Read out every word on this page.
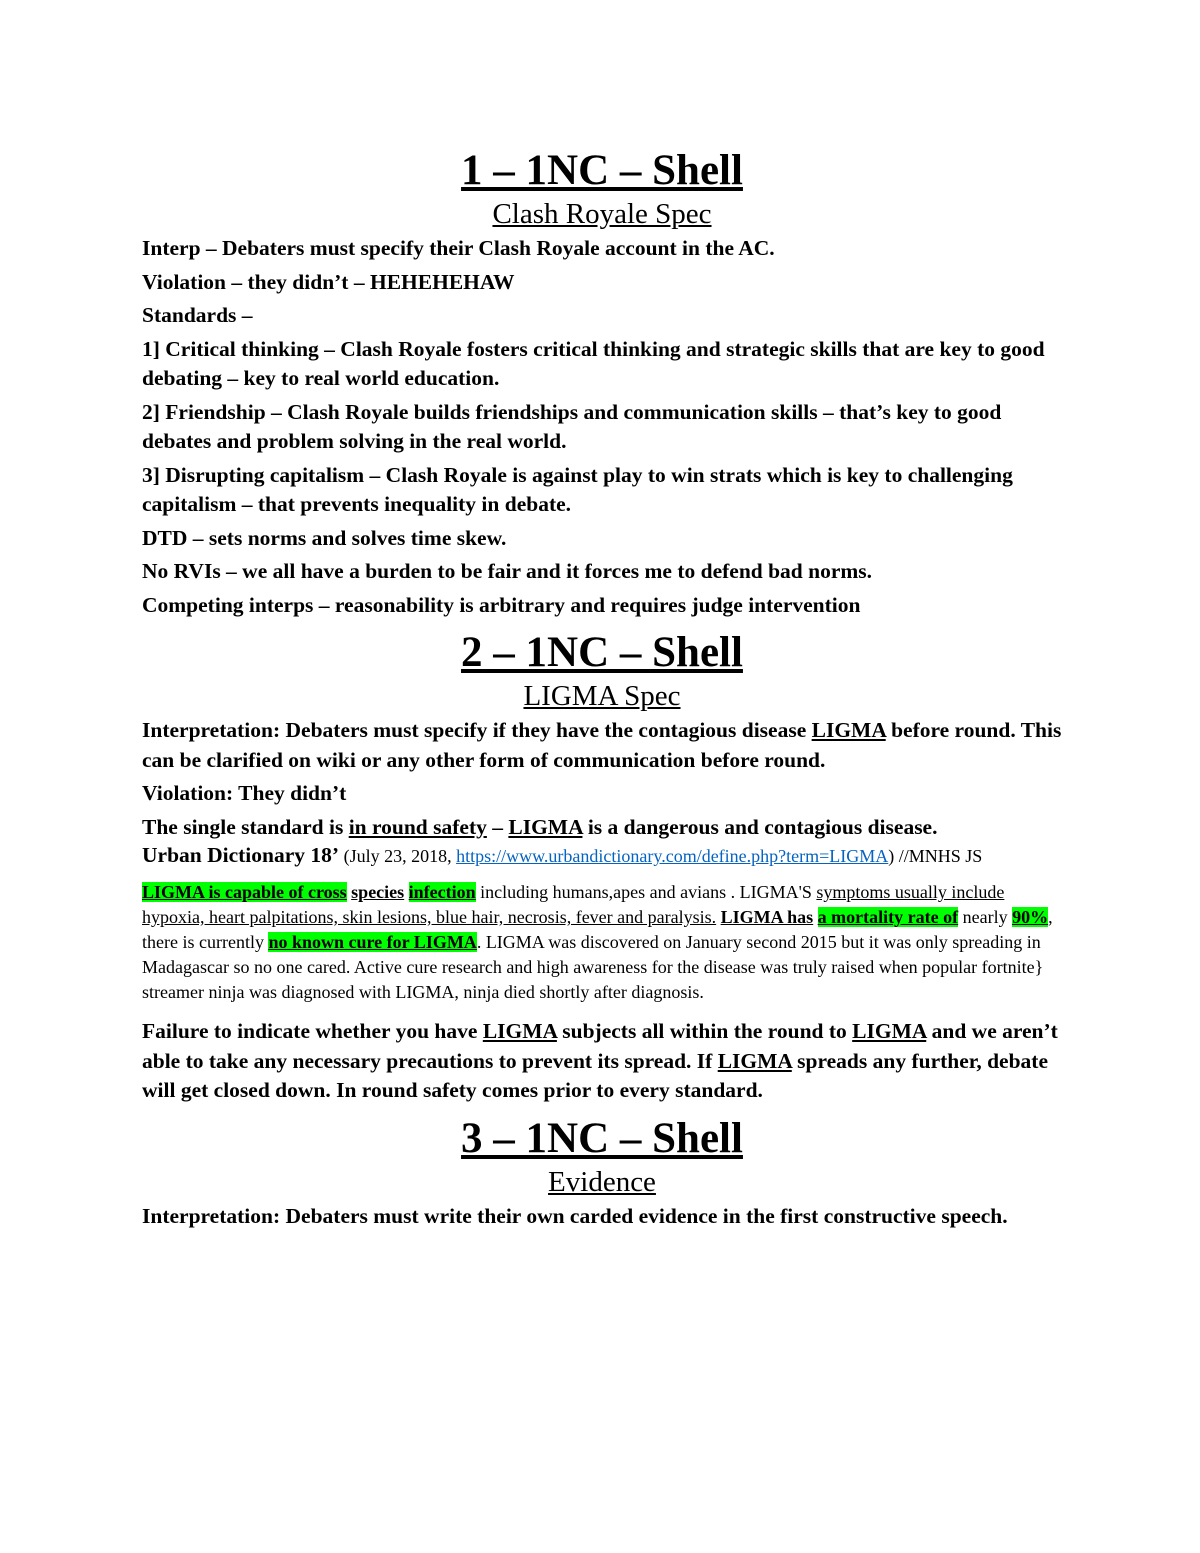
1 – 1NC – Shell

Clash Royale Spec

Interp – Debaters must specify their Clash Royale account in the AC.

Violation – they didn’t – HEHEHEHAW

Standards –

1] Critical thinking – Clash Royale fosters critical thinking and strategic skills that are key to good debating – key to real world education.

2] Friendship – Clash Royale builds friendships and communication skills – that’s key to good debates and problem solving in the real world.

3] Disrupting capitalism – Clash Royale is against play to win strats which is key to challenging capitalism – that prevents inequality in debate.

DTD – sets norms and solves time skew.

No RVIs – we all have a burden to be fair and it forces me to defend bad norms.

Competing interps – reasonability is arbitrary and requires judge intervention

2 – 1NC – Shell

LIGMA Spec

Interpretation: Debaters must specify if they have the contagious disease LIGMA before round. This can be clarified on wiki or any other form of communication before round.

Violation: They didn’t

The single standard is in round safety – LIGMA is a dangerous and contagious disease.

Urban Dictionary 18’ (July 23, 2018, https://www.urbandictionary.com/define.php?term=LIGMA) //MNHS JS

LIGMA is capable of cross species infection including humans,apes and avians . LIGMA'S symptoms usually include hypoxia, heart palpitations, skin lesions, blue hair, necrosis, fever and paralysis. LIGMA has a mortality rate of nearly 90%, there is currently no known cure for LIGMA. LIGMA was discovered on January second 2015 but it was only spreading in Madagascar so no one cared. Active cure research and high awareness for the disease was truly raised when popular fortnite} streamer ninja was diagnosed with LIGMA, ninja died shortly after diagnosis.

Failure to indicate whether you have LIGMA subjects all within the round to LIGMA and we aren’t able to take any necessary precautions to prevent its spread. If LIGMA spreads any further, debate will get closed down. In round safety comes prior to every standard.

3 – 1NC – Shell

Evidence

Interpretation: Debaters must write their own carded evidence in the first constructive speech.
